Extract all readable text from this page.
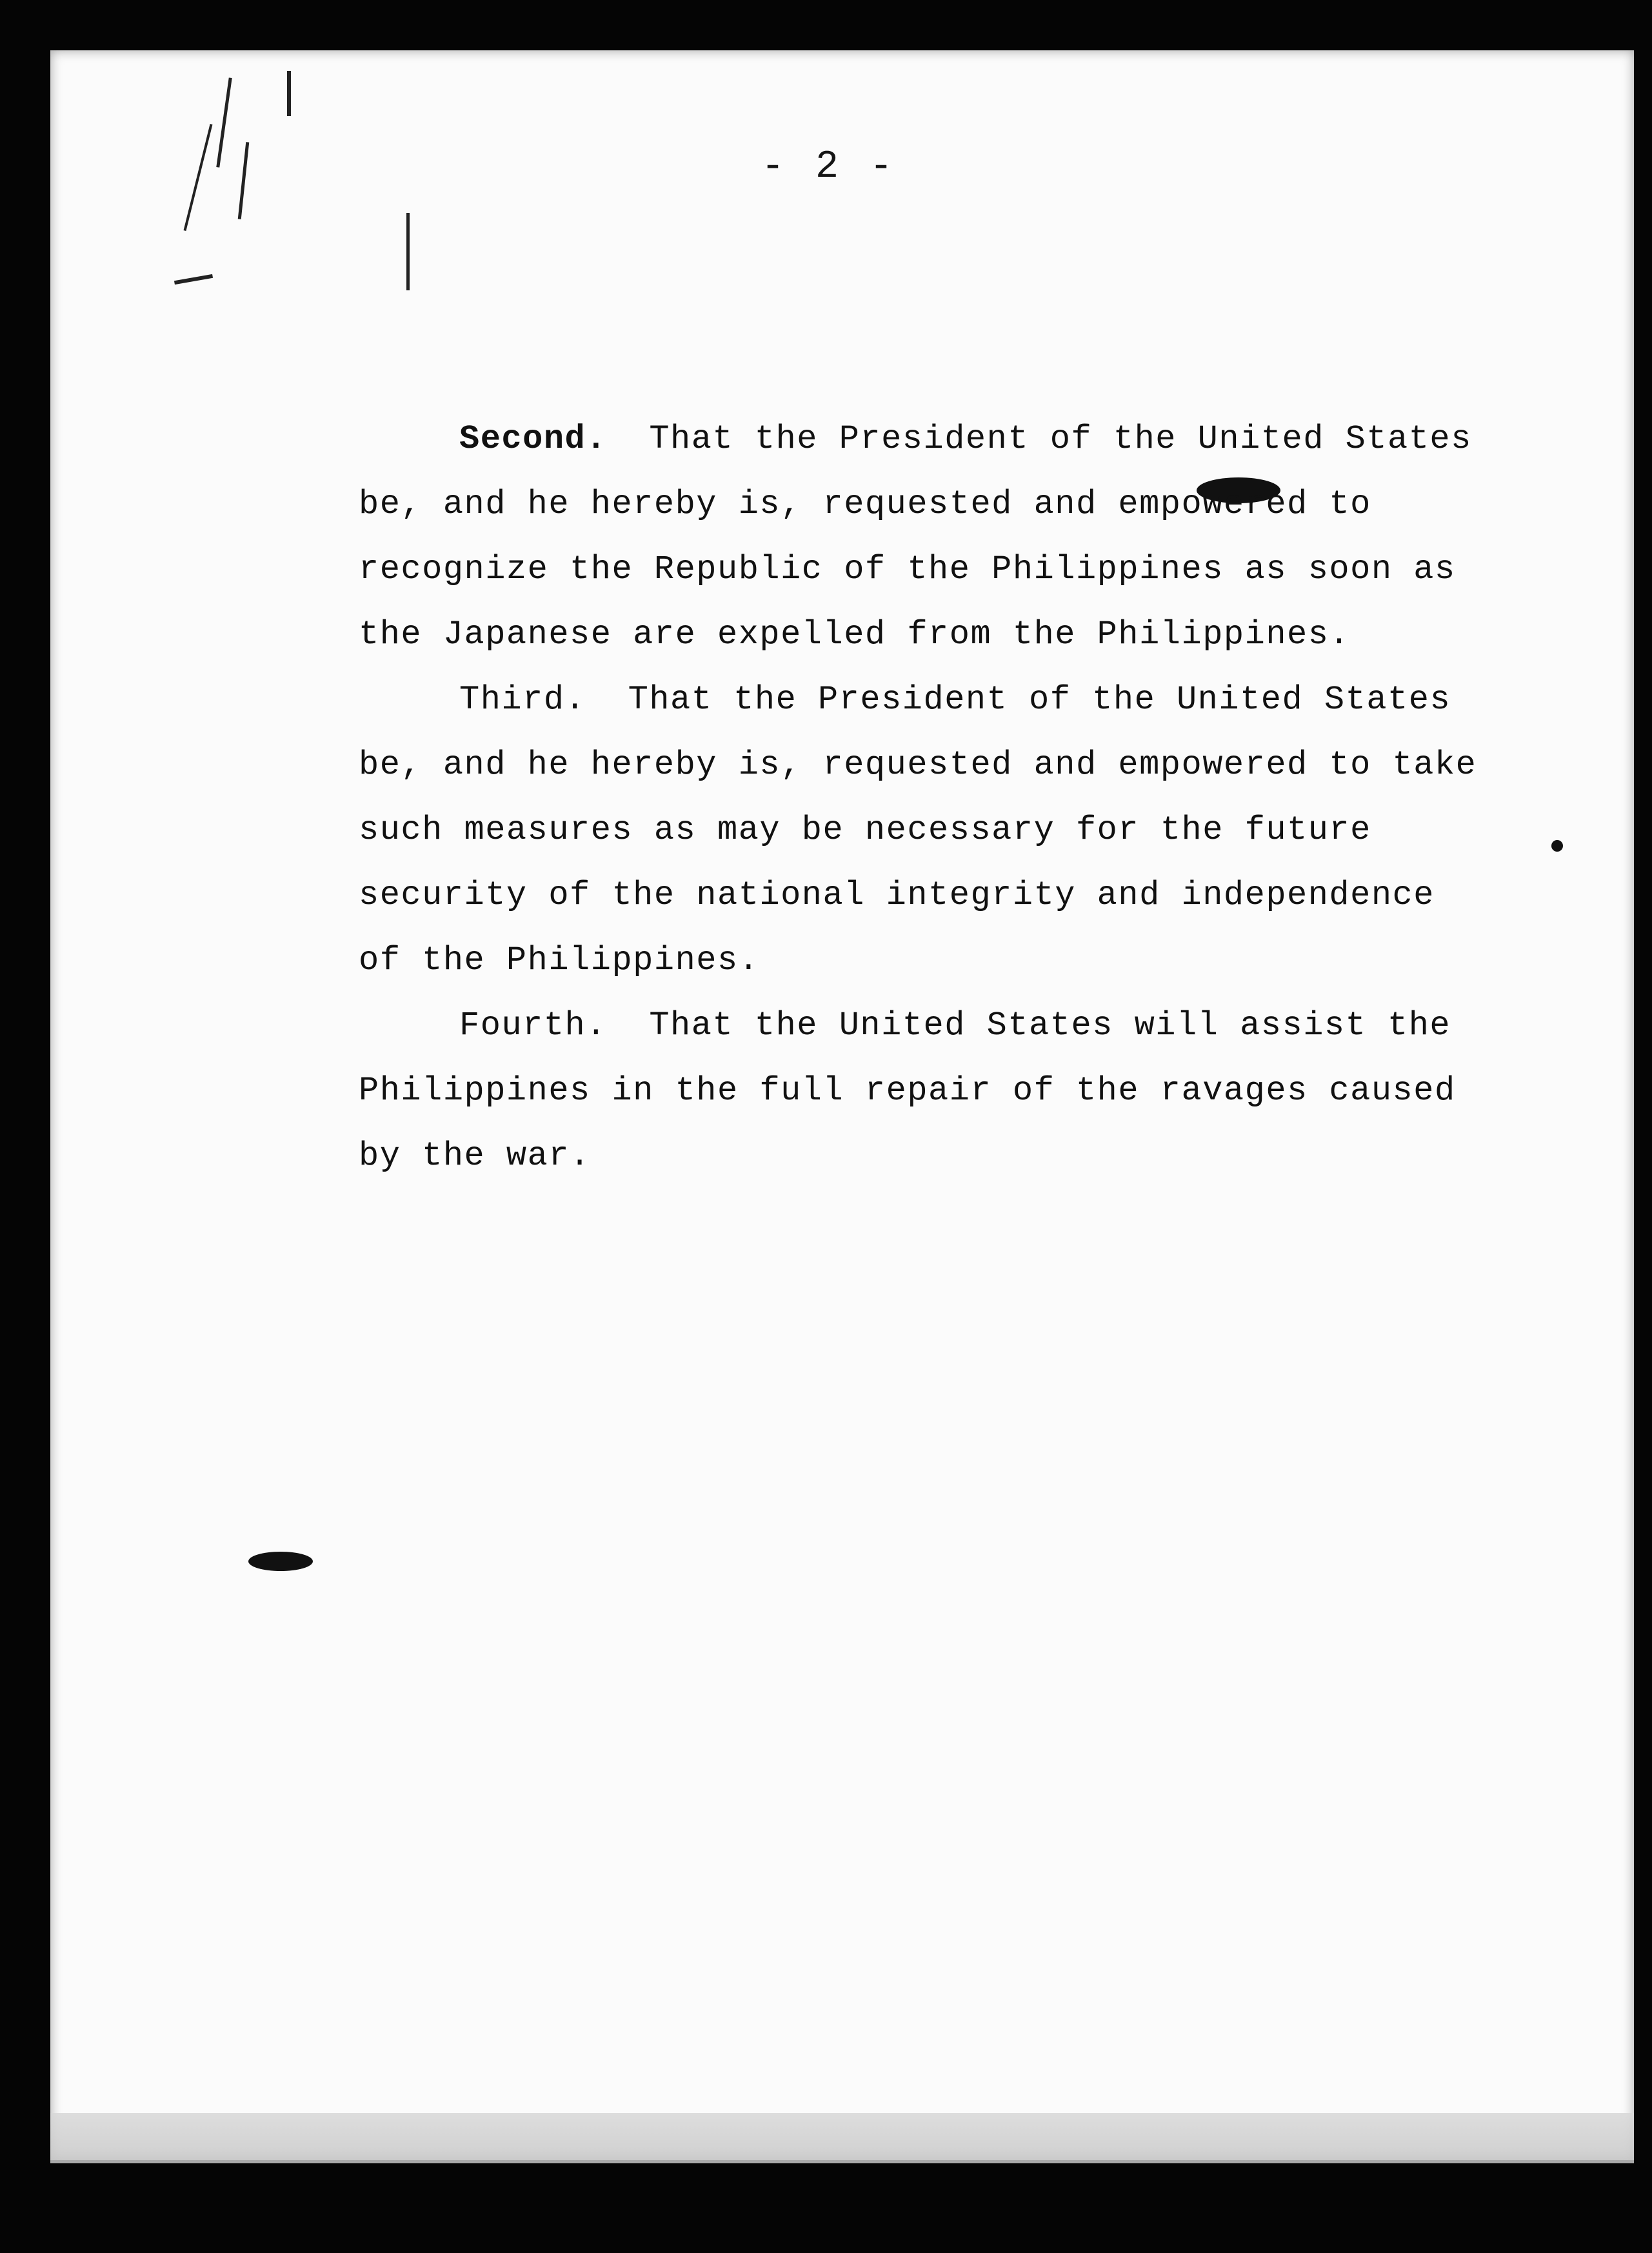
- 2 -
Second.  That the President of the United States
be, and he hereby is, requested and empowered to
recognize the Republic of the Philippines as soon as
the Japanese are expelled from the Philippines.
Third.  That the President of the United States
be, and he hereby is, requested and empowered to take
such measures as may be necessary for the future
security of the national integrity and independence
of the Philippines.
Fourth.  That the United States will assist the
Philippines in the full repair of the ravages caused
by the war.
